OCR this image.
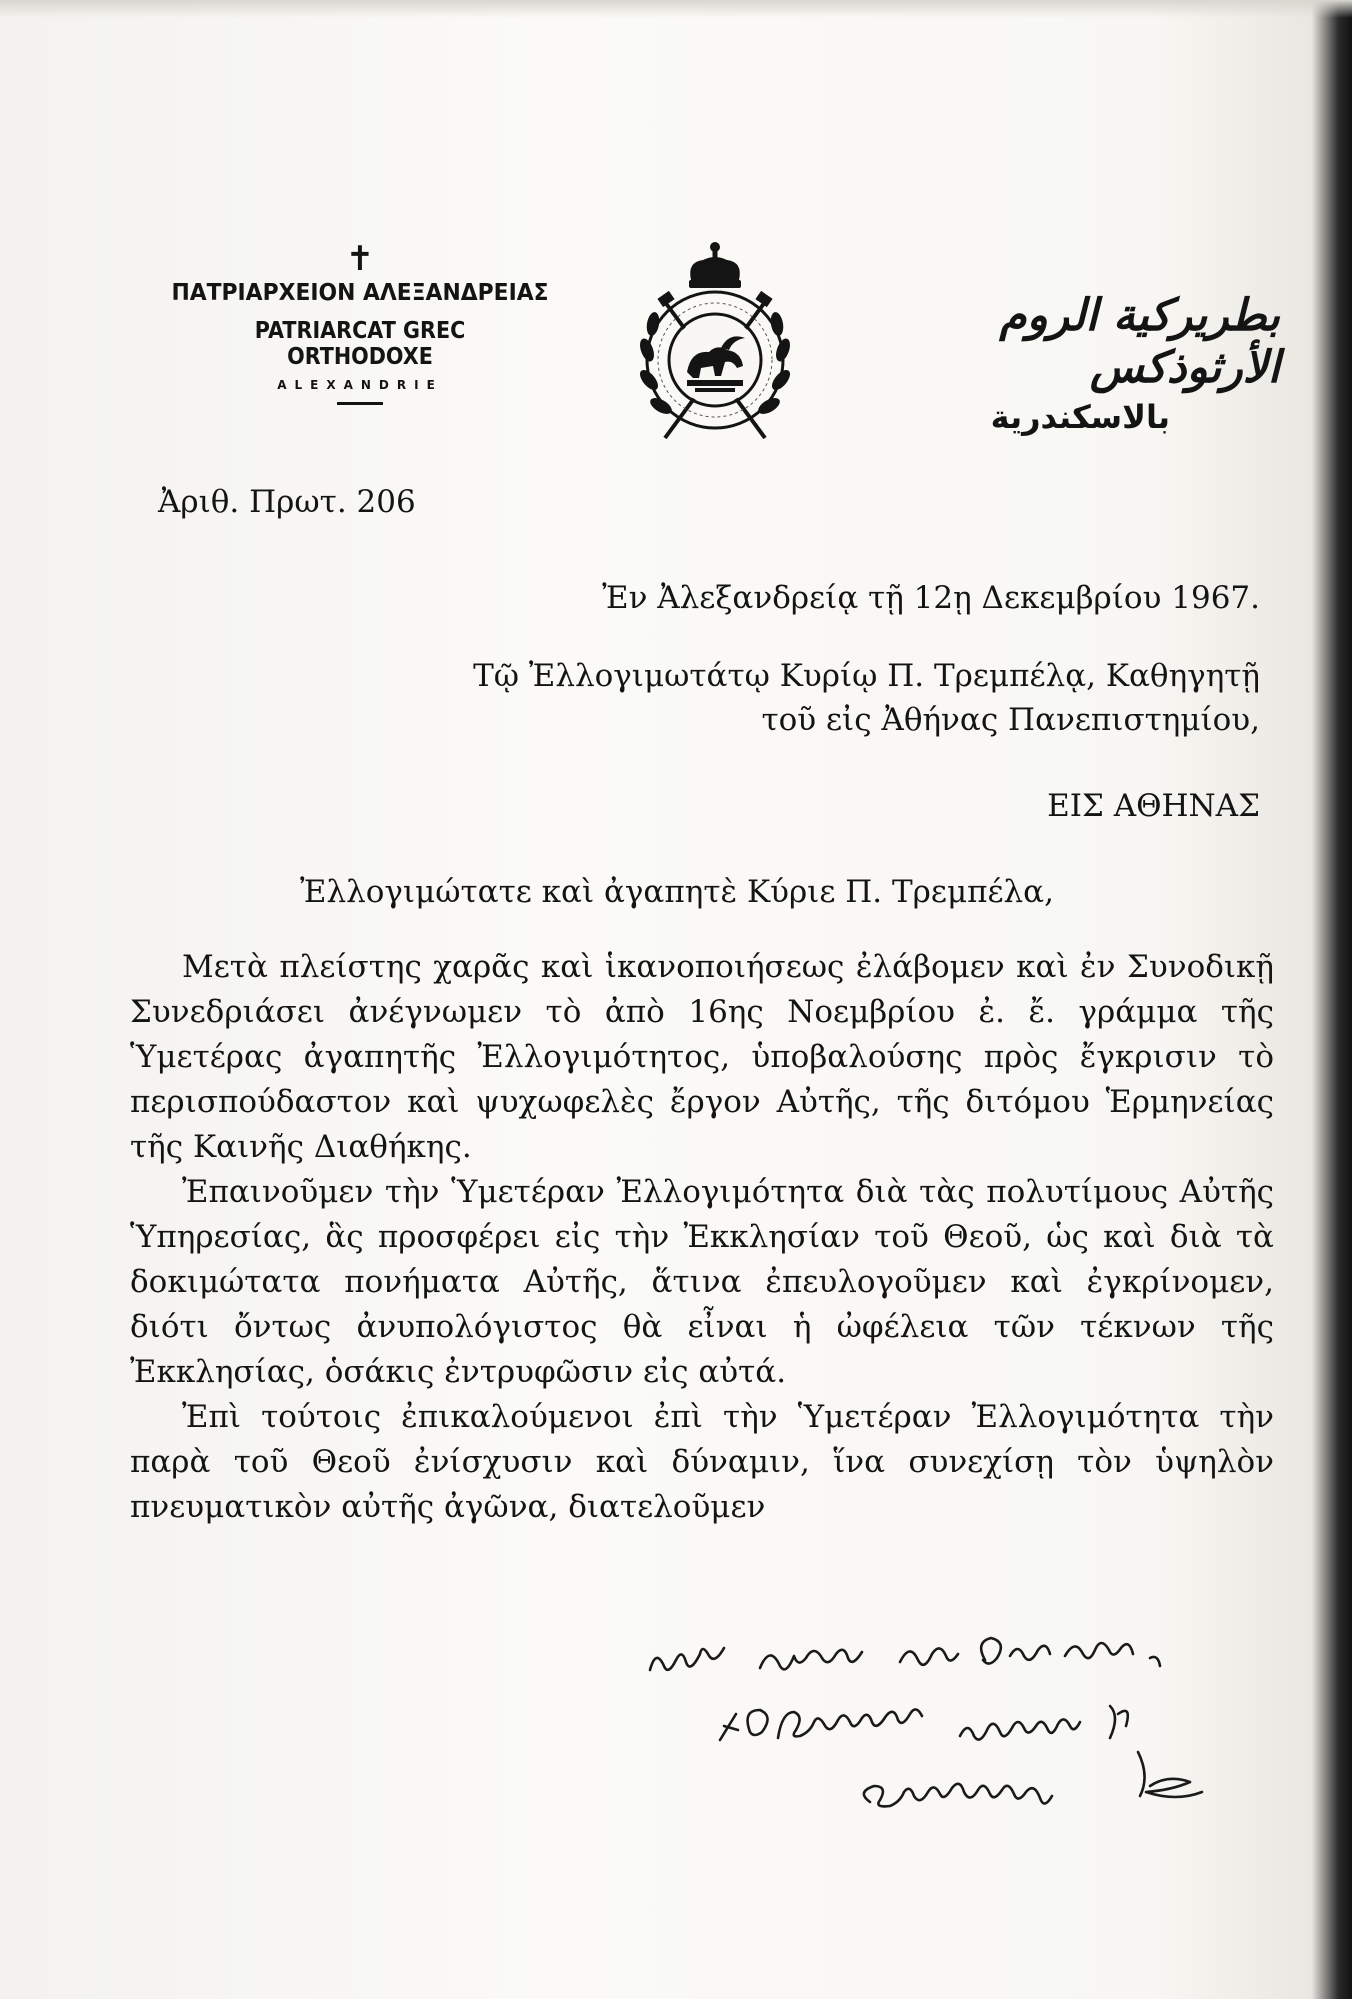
✝
ΠΑΤΡΙΑΡΧΕΙΟΝ ΑΛΕΞΑΝΔΡΕΙΑΣ
PATRIARCAT GREC ORTHODOXE
ALEXANDRIE
بطريركية الروم الأرثوذكس
بالاسكندرية
Ἀριθ. Πρωτ. 206
Ἐν Ἀλεξανδρείᾳ τῇ 12ῃ Δεκεμβρίου 1967.
Τῷ Ἐλλογιμωτάτῳ Κυρίῳ Π. Τρεμπέλᾳ, Καθηγητῇ
τοῦ εἰς Ἀθήνας Πανεπιστημίου,
ΕΙΣ ΑΘΗΝΑΣ
Ἐλλογιμώτατε καὶ ἀγαπητὲ Κύριε Π. Τρεμπέλα,

Μετὰ πλείστης χαρᾶς καὶ ἱκανοποιήσεως ἐλάβομεν καὶ ἐν Συνοδικῇ Συνεδριάσει ἀνέγνωμεν τὸ ἀπὸ 16ης Νοεμβρίου ἐ. ἔ. γράμμα τῆς Ὑμετέρας ἀγαπητῆς Ἐλλογιμότητος, ὑποβαλούσης πρὸς ἔγκρισιν τὸ περισπούδαστον καὶ ψυχωφελὲς ἔργον Αὐτῆς, τῆς διτόμου Ἑρμηνείας τῆς Καινῆς Διαθήκης.

Ἐπαινοῦμεν τὴν Ὑμετέραν Ἐλλογιμότητα διὰ τὰς πολυτίμους Αὐτῆς Ὑπηρεσίας, ἃς προσφέρει εἰς τὴν Ἐκκλησίαν τοῦ Θεοῦ, ὡς καὶ διὰ τὰ δοκιμώτατα πονήματα Αὐτῆς, ἅτινα ἐπευλογοῦμεν καὶ ἐγκρίνομεν, διότι ὄντως ἀνυπολόγιστος θὰ εἶναι ἡ ὠφέλεια τῶν τέκνων τῆς Ἐκκλησίας, ὁσάκις ἐντρυφῶσιν εἰς αὐτά.

Ἐπὶ τούτοις ἐπικαλούμενοι ἐπὶ τὴν Ὑμετέραν Ἐλλογιμότητα τὴν παρὰ τοῦ Θεοῦ ἐνίσχυσιν καὶ δύναμιν, ἵνα συνεχίσῃ τὸν ὑψηλὸν πνευματικὸν αὐτῆς ἀγῶνα, διατελοῦμεν
